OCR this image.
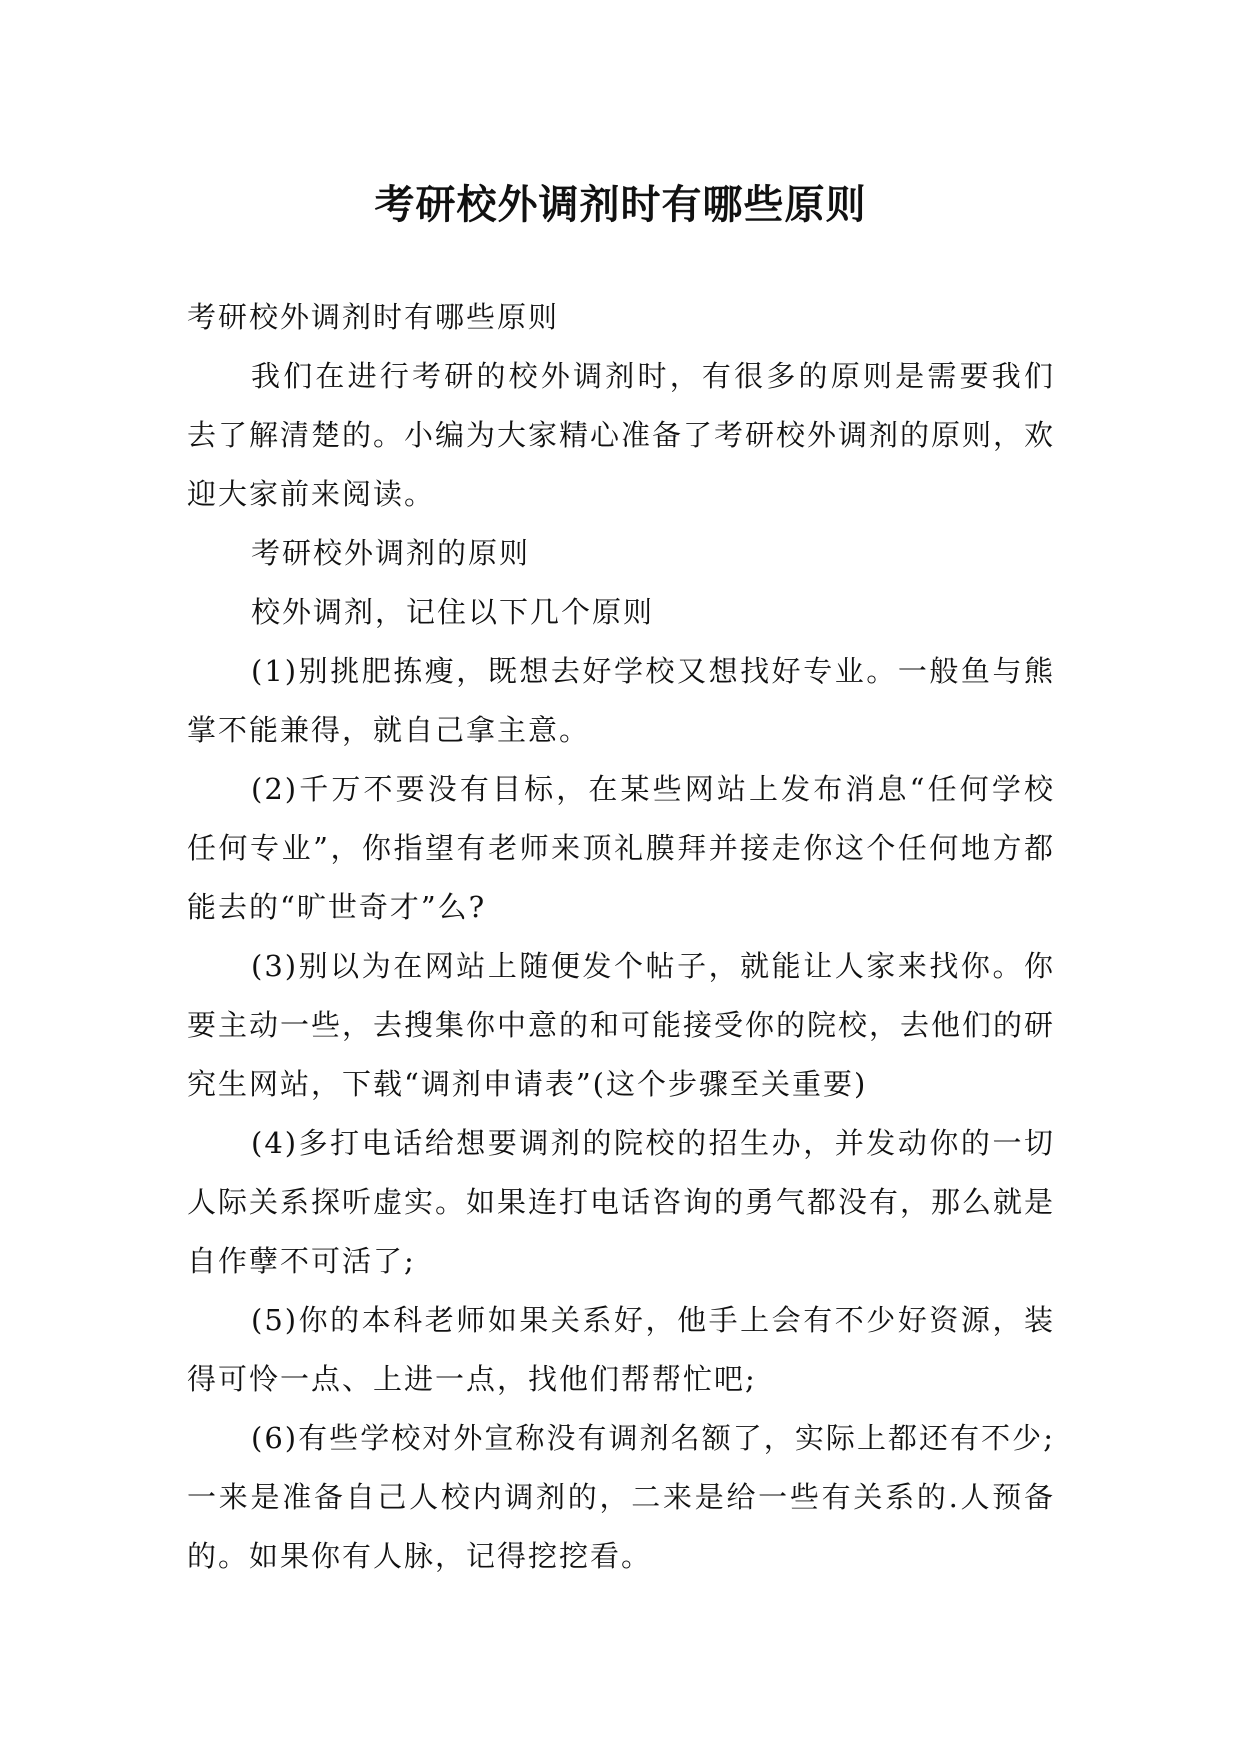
考研校外调剂时有哪些原则

考研校外调剂时有哪些原则

我们在进行考研的校外调剂时，有很多的原则是需要我们去了解清楚的。小编为大家精心准备了考研校外调剂的原则，欢迎大家前来阅读。

考研校外调剂的原则

校外调剂，记住以下几个原则

(1)别挑肥拣瘦，既想去好学校又想找好专业。一般鱼与熊掌不能兼得，就自己拿主意。

(2)千万不要没有目标，在某些网站上发布消息“任何学校任何专业”，你指望有老师来顶礼膜拜并接走你这个任何地方都能去的“旷世奇才”么?

(3)别以为在网站上随便发个帖子，就能让人家来找你。你要主动一些，去搜集你中意的和可能接受你的院校，去他们的研究生网站，下载“调剂申请表”(这个步骤至关重要)

(4)多打电话给想要调剂的院校的招生办，并发动你的一切人际关系探听虚实。如果连打电话咨询的勇气都没有，那么就是自作孽不可活了;

(5)你的本科老师如果关系好，他手上会有不少好资源，装得可怜一点、上进一点，找他们帮帮忙吧;

(6)有些学校对外宣称没有调剂名额了，实际上都还有不少;一来是准备自己人校内调剂的，二来是给一些有关系的.人预备的。如果你有人脉，记得挖挖看。
